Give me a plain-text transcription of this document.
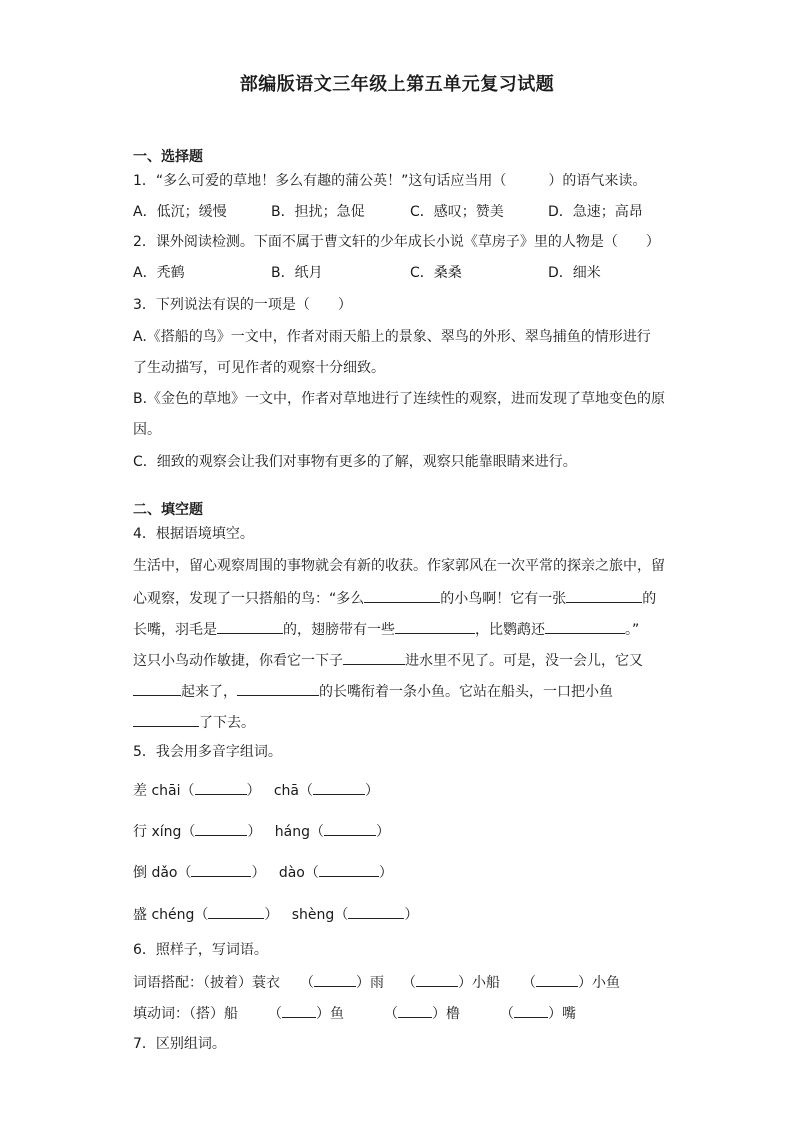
部编版语文三年级上第五单元复习试题
一、选择题
1．“多么可爱的草地！多么有趣的蒲公英！”这句话应当用（　　　）的语气来读。
A．低沉；缓慢	B．担扰；急促	C．感叹；赞美	D．急速；高昂
2．课外阅读检测。下面不属于曹文轩的少年成长小说《草房子》里的人物是（　　）
A．秃鹤	B．纸月	C．桑桑	D．细米
3．下列说法有误的一项是（　　）
A.《搭船的鸟》一文中，作者对雨天船上的景象、翠鸟的外形、翠鸟捕鱼的情形进行
了生动描写，可见作者的观察十分细致。
B.《金色的草地》一文中，作者对草地进行了连续性的观察，进而发现了草地变色的原
因。
C．细致的观察会让我们对事物有更多的了解，观察只能靠眼睛来进行。
二、填空题
4．根据语境填空。
生活中，留心观察周围的事物就会有新的收获。作家郭风在一次平常的探亲之旅中，留
心观察，发现了一只搭船的鸟：“多么	的小鸟啊！它有一张	的
长嘴，羽毛是	的，翅膀带有一些	，比鹦鹉还	。”
这只小鸟动作敏捷，你看它一下子	进水里不见了。可是，没一会儿，它又
起来了，	的长嘴衔着一条小鱼。它站在船头，一口把小鱼
了下去。
5．我会用多音字组词。
差 chāi（	）   chā（	）
行 xíng（	）   háng（	）
倒 dǎo（	）   dào（	）
盛 chéng（	）   shèng（	）
6．照样子，写词语。
词语搭配：（披着）蓑衣 （	）雨 （	）小船 （	）小鱼
填动词：（搭）船 （ ）鱼	（ ）橹	（ ）嘴
7．区别组词。
